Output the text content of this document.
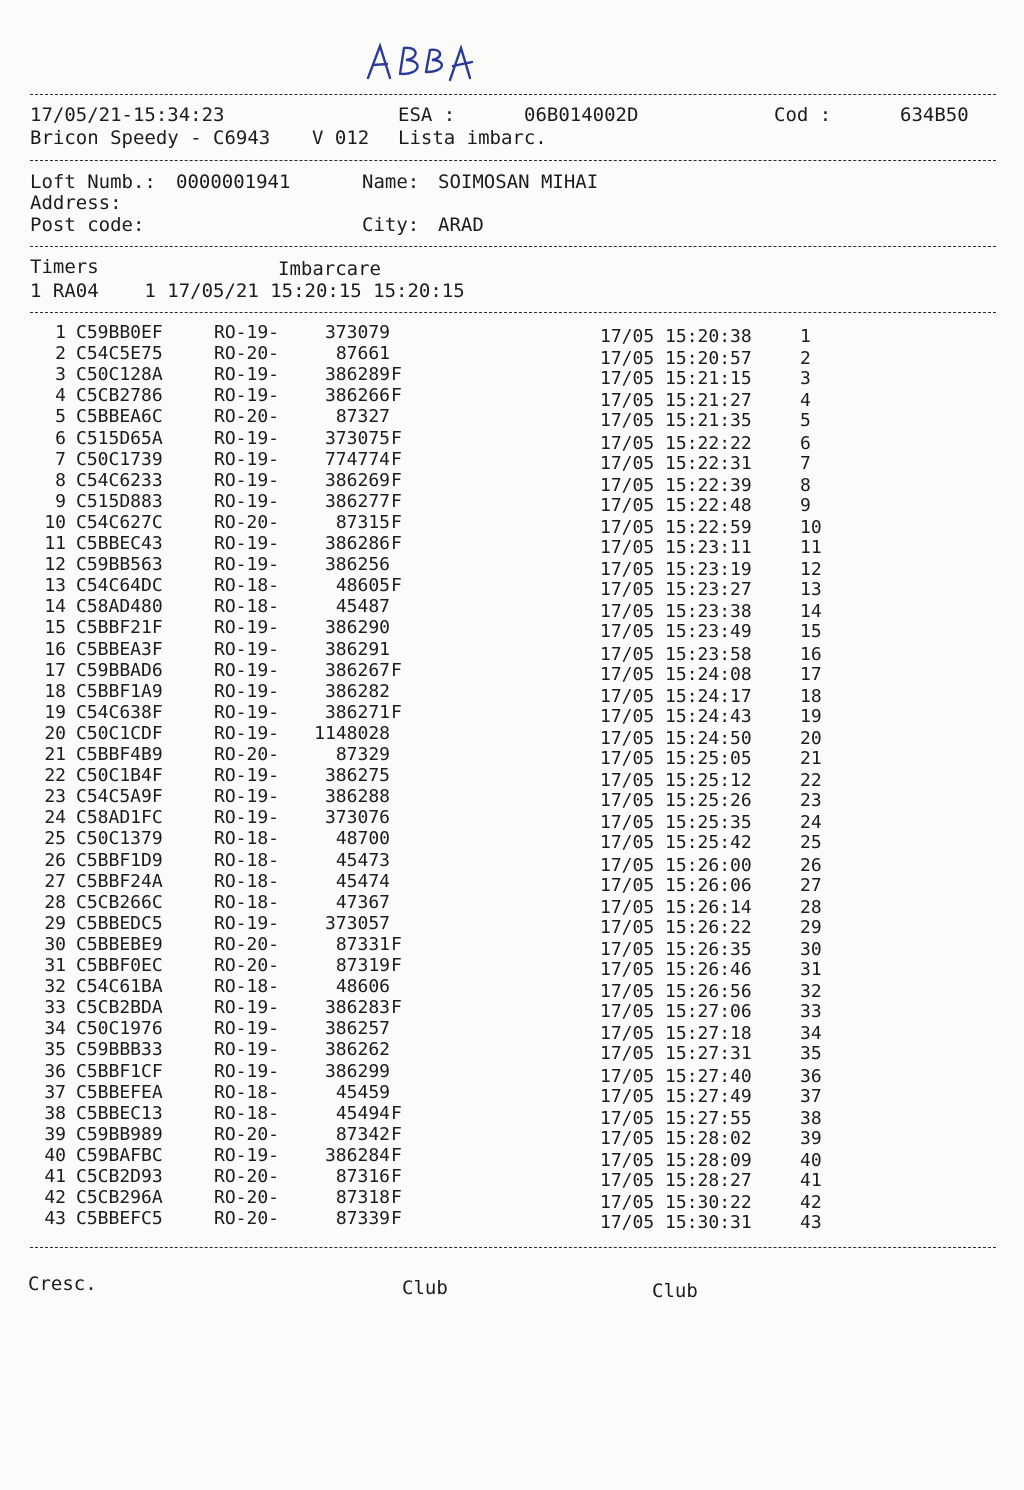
17/05/21-15:34:23	ESA :	06B014002D	Cod :	634B50
Bricon Speedy - C6943 V 012 Lista imbarc.
Loft Numb.: 0000001941	Name: SOIMOSAN MIHAI
Address:
Post code:	City: ARAD
Timers	Imbarcare
1 RA04    1 17/05/21 15:20:15 15:20:15
1 C59BB0EF	RO-19-	373079	17/05 15:20:38	1
2 C54C5E75	RO-20-	87661	17/05 15:20:57	2
3 C50C128A	RO-19-	386289 F	17/05 15:21:15	3
4 C5CB2786	RO-19-	386266 F	17/05 15:21:27	4
5 C5BBEA6C	RO-20-	87327	17/05 15:21:35	5
6 C515D65A	RO-19-	373075 F	17/05 15:22:22	6
7 C50C1739	RO-19-	774774 F	17/05 15:22:31	7
8 C54C6233	RO-19-	386269 F	17/05 15:22:39	8
9 C515D883	RO-19-	386277 F	17/05 15:22:48	9
10 C54C627C	RO-20-	87315 F	17/05 15:22:59	10
11 C5BBEC43	RO-19-	386286 F	17/05 15:23:11	11
12 C59BB563	RO-19-	386256	17/05 15:23:19	12
13 C54C64DC	RO-18-	48605 F	17/05 15:23:27	13
14 C58AD480	RO-18-	45487	17/05 15:23:38	14
15 C5BBF21F	RO-19-	386290	17/05 15:23:49	15
16 C5BBEA3F	RO-19-	386291	17/05 15:23:58	16
17 C59BBAD6	RO-19-	386267 F	17/05 15:24:08	17
18 C5BBF1A9	RO-19-	386282	17/05 15:24:17	18
19 C54C638F	RO-19-	386271 F	17/05 15:24:43	19
20 C50C1CDF	RO-19- 1148028	17/05 15:24:50	20
21 C5BBF4B9	RO-20-	87329	17/05 15:25:05	21
22 C50C1B4F	RO-19-	386275	17/05 15:25:12	22
23 C54C5A9F	RO-19-	386288	17/05 15:25:26	23
24 C58AD1FC	RO-19-	373076	17/05 15:25:35	24
25 C50C1379	RO-18-	48700	17/05 15:25:42	25
26 C5BBF1D9	RO-18-	45473	17/05 15:26:00	26
27 C5BBF24A	RO-18-	45474	17/05 15:26:06	27
28 C5CB266C	RO-18-	47367	17/05 15:26:14	28
29 C5BBEDC5	RO-19-	373057	17/05 15:26:22	29
30 C5BBEBE9	RO-20-	87331 F	17/05 15:26:35	30
31 C5BBF0EC	RO-20-	87319 F	17/05 15:26:46	31
32 C54C61BA	RO-18-	48606	17/05 15:26:56	32
33 C5CB2BDA	RO-19-	386283 F	17/05 15:27:06	33
34 C50C1976	RO-19-	386257	17/05 15:27:18	34
35 C59BBB33	RO-19-	386262	17/05 15:27:31	35
36 C5BBF1CF	RO-19-	386299	17/05 15:27:40	36
37 C5BBEFEA	RO-18-	45459	17/05 15:27:49	37
38 C5BBEC13	RO-18-	45494 F	17/05 15:27:55	38
39 C59BB989	RO-20-	87342 F	17/05 15:28:02	39
40 C59BAFBC	RO-19-	386284 F	17/05 15:28:09	40
41 C5CB2D93	RO-20-	87316 F	17/05 15:28:27	41
42 C5CB296A	RO-20-	87318 F	17/05 15:30:22	42
43 C5BBEFC5	RO-20-	87339 F	17/05 15:30:31	43
Cresc.	Club	Club
